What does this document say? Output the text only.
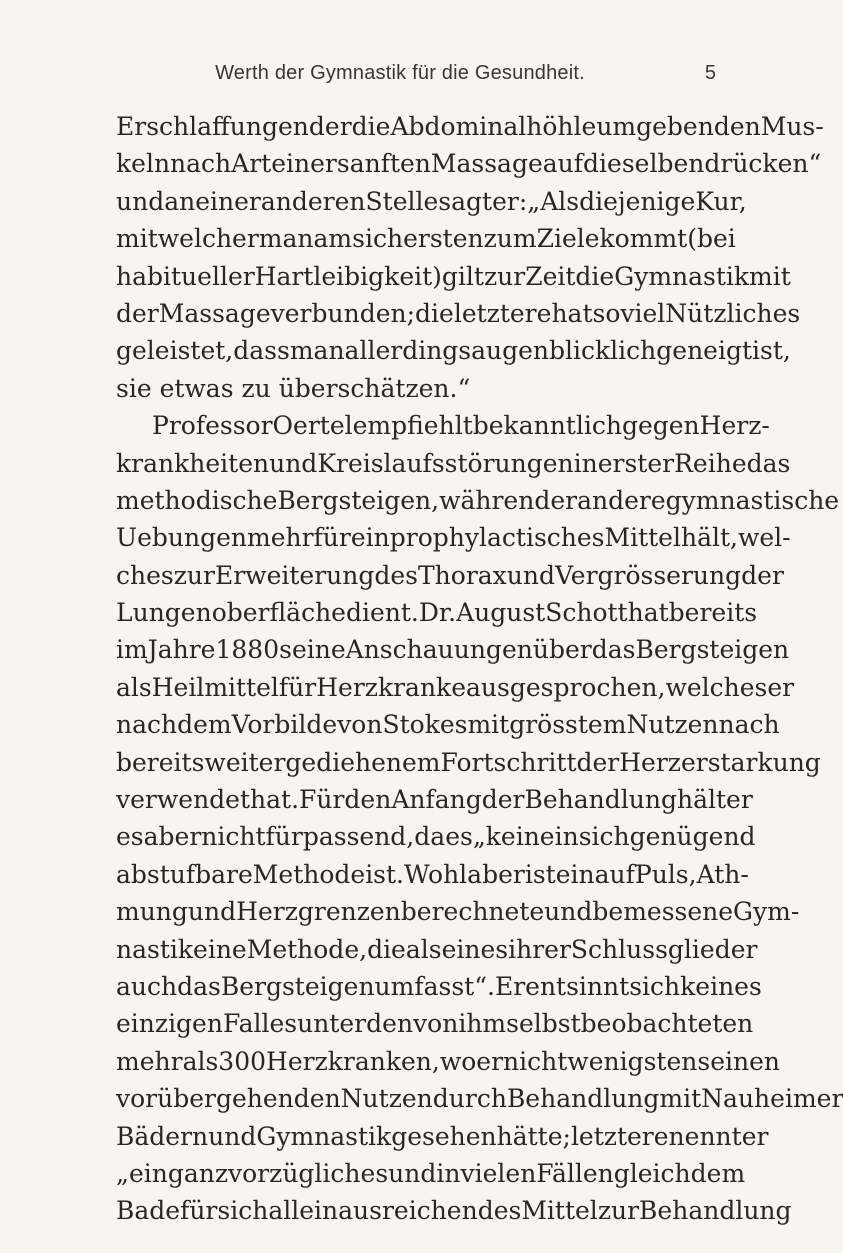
Werth der Gymnastik für die Gesundheit.	5
Erschlaffungen der die Abdominalhöhle umgebenden Mus-
keln nach Art einer sanften Massage auf dieselben drücken“
und an einer anderen Stelle sagt er: „Als diejenige Kur,
mit welcher man am sichersten zum Ziele kommt (bei
habitueller Hartleibigkeit) gilt zur Zeit die Gymnastik mit
der Massage verbunden; die letztere hat soviel Nützliches
geleistet, dass man allerdings augenblicklich geneigt ist,
sie etwas zu überschätzen.“
Professor Oertel empfiehlt bekanntlich gegen Herz-
krankheiten und Kreislaufsstörungen in erster Reihe das
methodische Bergsteigen, während er andere gymnastische
Uebungen mehr für ein prophylactisches Mittel hält, wel-
ches zur Erweiterung des Thorax und Vergrösserung der
Lungenoberfläche dient. Dr. August Schott hat bereits
im Jahre 1880 seine Anschauungen über das Bergsteigen
als Heilmittel für Herzkranke ausgesprochen, welches er
nach dem Vorbilde von Stokes mit grösstem Nutzen nach
bereits weiter gediehenem Fortschritt der Herzerstarkung
verwendet hat. Für den Anfang der Behandlung hält er
es aber nicht für passend, da es „keine in sich genügend
abstufbare Methode ist. Wohl aber ist ein auf Puls, Ath-
mung und Herzgrenzen berechnete und bemessene Gym-
nastik eine Methode, die als eines ihrer Schlussglieder
auch das Bergsteigen umfasst“. Er entsinnt sich keines
einzigen Falles unter den von ihm selbst beobachteten
mehr als 300 Herzkranken, wo er nicht wenigstens einen
vorübergehenden Nutzen durch Behandlung mit Nauheimer
Bädern und Gymnastik gesehen hätte; letztere nennt er
„ein ganz vorzügliches und in vielen Fällen gleich dem
Bade für sich allein ausreichendes Mittel zur Behandlung
